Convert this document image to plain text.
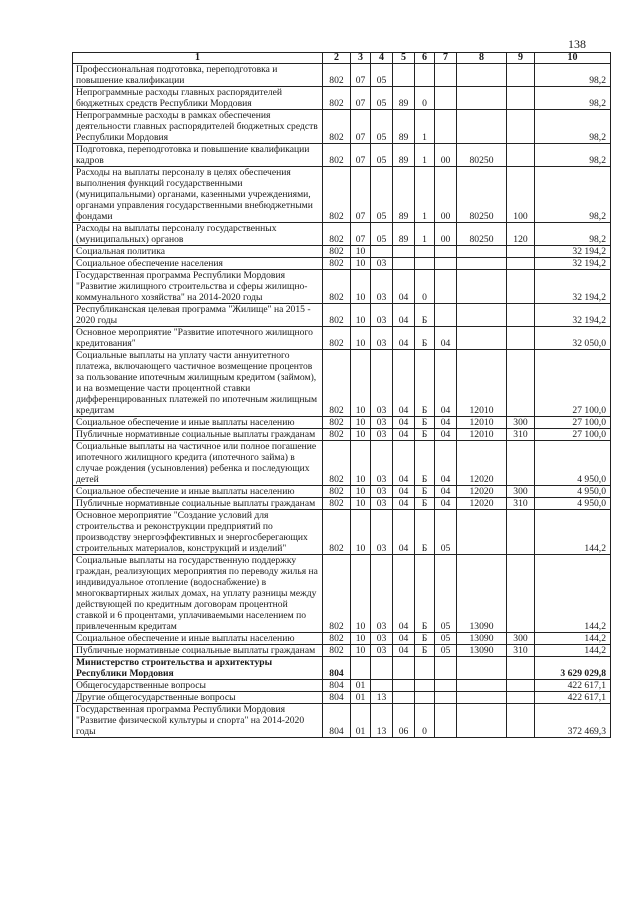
138
1	2	3	4	5	6	7	8	9	10
Профессиональная подготовка, переподготовка и повышение квалификации	802	07	05						98,2
Непрограммные расходы главных распорядителей бюджетных средств Республики Мордовия	802	07	05	89	0				98,2
Непрограммные расходы в рамках обеспечения деятельности главных распорядителей бюджетных средств Республики Мордовия	802	07	05	89	1				98,2
Подготовка, переподготовка и повышение квалификации кадров	802	07	05	89	1	00	80250		98,2
Расходы на выплаты персоналу в целях обеспечения выполнения функций государственными (муниципальными) органами, казенными учреждениями, органами управления государственными внебюджетными фондами	802	07	05	89	1	00	80250	100	98,2
Расходы на выплаты персоналу государственных (муниципальных) органов	802	07	05	89	1	00	80250	120	98,2
Социальная политика	802	10							32 194,2
Социальное обеспечение населения	802	10	03						32 194,2
Государственная программа Республики Мордовия "Развитие жилищного строительства и сферы жилищно-коммунального хозяйства" на 2014-2020 годы	802	10	03	04	0				32 194,2
Республиканская целевая программа "Жилище" на 2015 - 2020 годы	802	10	03	04	Б				32 194,2
Основное мероприятие "Развитие ипотечного жилищного кредитования"	802	10	03	04	Б	04			32 050,0
Социальные выплаты на уплату части аннуитетного платежа, включающего частичное возмещение процентов за пользование ипотечным жилищным кредитом (займом), и на возмещение части процентной ставки дифференцированных платежей по ипотечным жилищным кредитам	802	10	03	04	Б	04	12010		27 100,0
Социальное обеспечение и иные выплаты населению	802	10	03	04	Б	04	12010	300	27 100,0
Публичные нормативные социальные выплаты гражданам	802	10	03	04	Б	04	12010	310	27 100,0
Социальные выплаты на частичное или полное погашение ипотечного жилищного кредита (ипотечного займа) в случае рождения (усыновления) ребенка и последующих детей	802	10	03	04	Б	04	12020		4 950,0
Социальное обеспечение и иные выплаты населению	802	10	03	04	Б	04	12020	300	4 950,0
Публичные нормативные социальные выплаты гражданам	802	10	03	04	Б	04	12020	310	4 950,0
Основное мероприятие "Создание условий для строительства и реконструкции предприятий по производству энергоэффективных и энергосберегающих строительных материалов, конструкций и изделий"	802	10	03	04	Б	05			144,2
Социальные выплаты на государственную поддержку граждан, реализующих мероприятия по переводу жилья на индивидуальное отопление (водоснабжение) в многоквартирных жилых домах, на уплату разницы между действующей по кредитным договорам процентной ставкой и 6 процентами, уплачиваемыми населением по привлеченным кредитам	802	10	03	04	Б	05	13090		144,2
Социальное обеспечение и иные выплаты населению	802	10	03	04	Б	05	13090	300	144,2
Публичные нормативные социальные выплаты гражданам	802	10	03	04	Б	05	13090	310	144,2
Министерство строительства и архитектуры Республики Мордовия	804								3 629 029,8
Общегосударственные вопросы	804	01							422 617,1
Другие общегосударственные вопросы	804	01	13						422 617,1
Государственная программа Республики Мордовия "Развитие физической культуры и спорта" на 2014-2020 годы	804	01	13	06	0				372 469,3
